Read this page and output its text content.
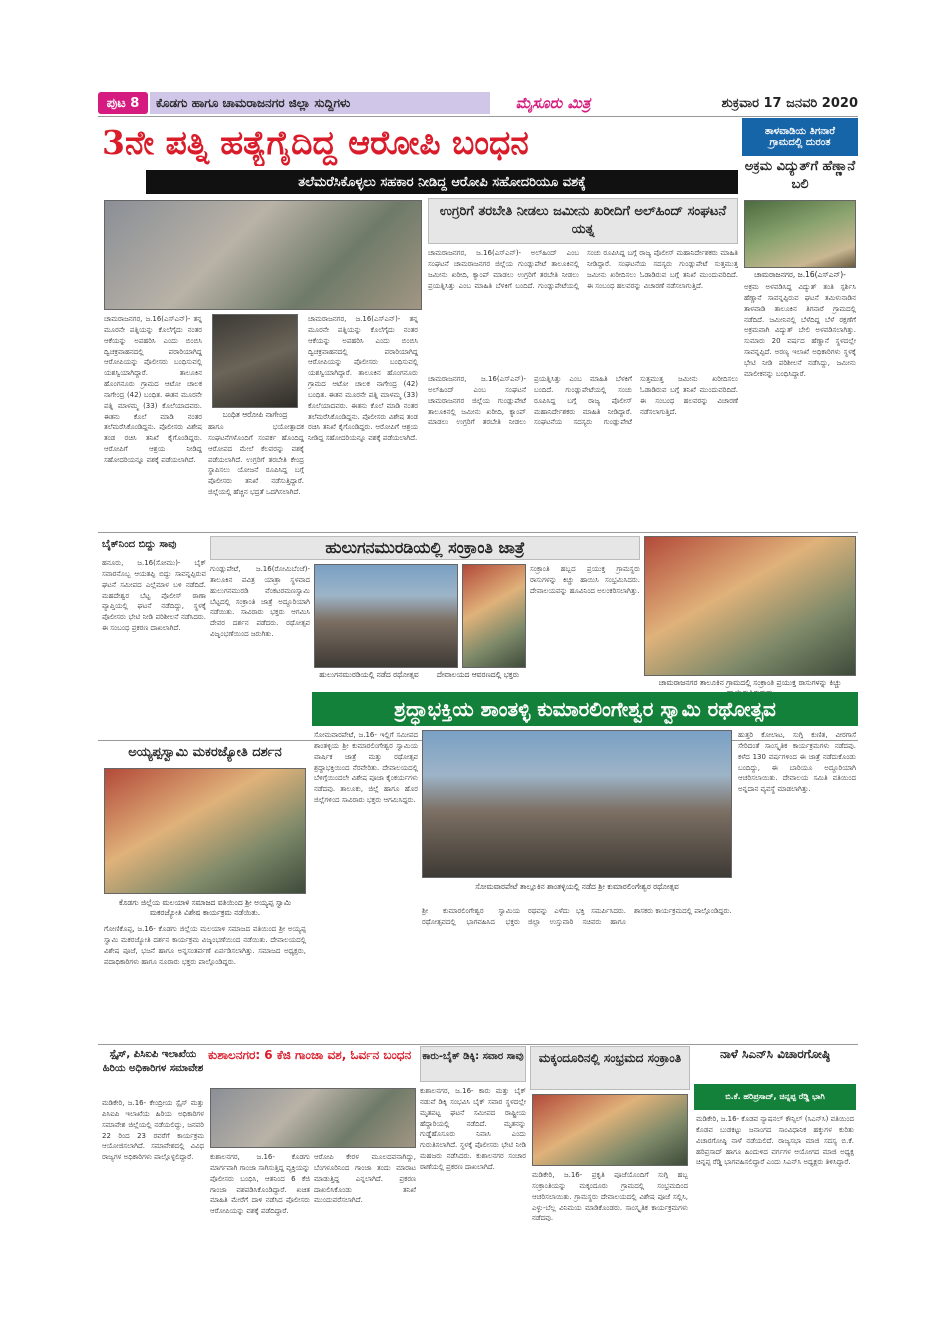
ಪುಟ 8	ಕೊಡಗು ಹಾಗೂ ಚಾಮರಾಜನಗರ ಜಿಲ್ಲಾ ಸುದ್ದಿಗಳು	ಮೈಸೂರು ಮಿತ್ರ	ಶುಕ್ರವಾರ 17 ಜನವರಿ 2020
3ನೇ ಪತ್ನಿ ಹತ್ಯೆಗೈದಿದ್ದ ಆರೋಪಿ ಬಂಧನ
ತಲೆಮರೆಸಿಕೊಳ್ಳಲು ಸಹಕಾರ ನೀಡಿದ್ದ ಆರೋಪಿ ಸಹೋದರಿಯೂ ವಶಕ್ಕೆ
ತಾಳವಾಡಿಯ ತಿಗನಾರೆ
ಗ್ರಾಮದಲ್ಲಿ ದುರಂತ
ಅಕ್ರಮ ವಿದ್ಯುತ್‌ಗೆ ಹೆಣ್ಣಾನೆ ಬಲಿ
ಚಾಮರಾಜನಗರ, ಜ.16(ಎಸ್‌ಎನ್)-
ಅಕ್ರಮ ಅಳವಡಿಸಿದ್ದ ವಿದ್ಯುತ್ ತಂತಿ ಸ್ಪರ್ಶಿಸಿ ಹೆಣ್ಣಾನೆ ಸಾವನ್ನಪ್ಪಿರುವ ಘಟನೆ ತಮಿಳುನಾಡಿನ ತಾಳವಾಡಿ ತಾಲೂಕಿನ ತಿಗನಾರೆ ಗ್ರಾಮದಲ್ಲಿ ನಡೆದಿದೆ. ಜಮೀನಿನಲ್ಲಿ ಬೆಳೆದಿದ್ದ ಬೆಳೆ ರಕ್ಷಣೆಗೆ ಅಕ್ರಮವಾಗಿ ವಿದ್ಯುತ್ ಬೇಲಿ ಅಳವಡಿಸಲಾಗಿತ್ತು. ಸುಮಾರು 20 ವರ್ಷದ ಹೆಣ್ಣಾನೆ ಸ್ಥಳದಲ್ಲೇ ಸಾವನ್ನಪ್ಪಿದೆ. ಅರಣ್ಯ ಇಲಾಖೆ ಅಧಿಕಾರಿಗಳು ಸ್ಥಳಕ್ಕೆ ಭೇಟಿ ನೀಡಿ ಪರಿಶೀಲನೆ ನಡೆಸಿದ್ದು, ಜಮೀನು ಮಾಲೀಕನನ್ನು ಬಂಧಿಸಿದ್ದಾರೆ.
ಉಗ್ರರಿಗೆ ತರಬೇತಿ ನೀಡಲು ಜಮೀನು ಖರೀದಿಗೆ ಅಲ್‌ಹಿಂದ್ ಸಂಘಟನೆ ಯತ್ನ
ಚಾಮರಾಜನಗರ, ಜ.16(ಎಸ್‌ಎನ್)- ಅಲ್‌ಹಿಂದ್ ಎಂಬ ಸಂಘಟನೆ ಚಾಮರಾಜನಗರ ಜಿಲ್ಲೆಯ ಗುಂಡ್ಲುಪೇಟೆ ತಾಲೂಕಿನಲ್ಲಿ ಜಮೀನು ಖರೀದಿ, ಕ್ಯಾಂಪ್ ಮಾಡಲು ಉಗ್ರರಿಗೆ ತರಬೇತಿ ನೀಡಲು ಪ್ರಯತ್ನಿಸಿತ್ತು ಎಂಬ ಮಾಹಿತಿ ಬೆಳಕಿಗೆ ಬಂದಿದೆ. ಗುಂಡ್ಲುಪೇಟೆಯಲ್ಲಿ ಸಂಚು ರೂಪಿಸಿದ್ದ ಬಗ್ಗೆ ರಾಜ್ಯ ಪೊಲೀಸ್ ಮಹಾನಿರ್ದೇಶಕರು ಮಾಹಿತಿ ನೀಡಿದ್ದಾರೆ. ಸಂಘಟನೆಯ ಸದಸ್ಯರು ಗುಂಡ್ಲುಪೇಟೆ ಸುತ್ತಮುತ್ತ ಜಮೀನು ಖರೀದಿಸಲು ಓಡಾಡಿರುವ ಬಗ್ಗೆ ತನಿಖೆ ಮುಂದುವರಿದಿದೆ. ಈ ಸಂಬಂಧ ಹಲವರನ್ನು ವಿಚಾರಣೆ ನಡೆಸಲಾಗುತ್ತಿದೆ.
ಚಾಮರಾಜನಗರ, ಜ.16(ಎಸ್‌ಎನ್)- ತನ್ನ ಮೂರನೇ ಪತ್ನಿಯನ್ನು ಕೊಲೆಗೈದು ನಂತರ ಆಕೆಯನ್ನು ಅಪಹರಿಸಿ ಎಂದು ಬಿಂಬಿಸಿ ದ್ವಿಚಕ್ರವಾಹನದಲ್ಲಿ ಪರಾರಿಯಾಗಿದ್ದ ಆರೋಪಿಯನ್ನು ಪೊಲೀಸರು ಬಂಧಿಸುವಲ್ಲಿ ಯಶಸ್ವಿಯಾಗಿದ್ದಾರೆ. ತಾಲೂಕಿನ ಹೊಂಗನೂರು ಗ್ರಾಮದ ಆಟೋ ಚಾಲಕ ನಾಗೇಂದ್ರ (42) ಬಂಧಿತ. ಈತನ ಮೂರನೇ ಪತ್ನಿ ಮಾಳಮ್ಮ (33) ಕೊಲೆಯಾದವರು. ಈತನು ಕೊಲೆ ಮಾಡಿ ನಂತರ ತಲೆಮರೆಸಿಕೊಂಡಿದ್ದನು. ಪೊಲೀಸರು ವಿಶೇಷ ತಂಡ ರಚಿಸಿ ತನಿಖೆ ಕೈಗೊಂಡಿದ್ದರು. ಆರೋಪಿಗೆ ಆಶ್ರಯ ನೀಡಿದ್ದ ಸಹೋದರಿಯನ್ನೂ ವಶಕ್ಕೆ ಪಡೆಯಲಾಗಿದೆ.
ಬಂಧಿತ ಆರೋಪಿ ನಾಗೇಂದ್ರ
ಹಾಗೂ ಭಯೋತ್ಪಾದಕ ಸಂಘಟನೆಗಳೊಂದಿಗೆ ಸಂಪರ್ಕ ಹೊಂದಿದ್ದ ಆರೋಪದ ಮೇಲೆ ಕೆಲವರನ್ನು ವಶಕ್ಕೆ ಪಡೆಯಲಾಗಿದೆ. ಉಗ್ರರಿಗೆ ತರಬೇತಿ ಕೇಂದ್ರ ಸ್ಥಾಪಿಸಲು ಯೋಜನೆ ರೂಪಿಸಿದ್ದ ಬಗ್ಗೆ ಪೊಲೀಸರು ತನಿಖೆ ನಡೆಸುತ್ತಿದ್ದಾರೆ. ಜಿಲ್ಲೆಯಲ್ಲಿ ಹೆಚ್ಚಿನ ಭದ್ರತೆ ಒದಗಿಸಲಾಗಿದೆ.
ಚಾಮರಾಜನಗರ, ಜ.16(ಎಸ್‌ಎನ್)- ತನ್ನ ಮೂರನೇ ಪತ್ನಿಯನ್ನು ಕೊಲೆಗೈದು ನಂತರ ಆಕೆಯನ್ನು ಅಪಹರಿಸಿ ಎಂದು ಬಿಂಬಿಸಿ ದ್ವಿಚಕ್ರವಾಹನದಲ್ಲಿ ಪರಾರಿಯಾಗಿದ್ದ ಆರೋಪಿಯನ್ನು ಪೊಲೀಸರು ಬಂಧಿಸುವಲ್ಲಿ ಯಶಸ್ವಿಯಾಗಿದ್ದಾರೆ. ತಾಲೂಕಿನ ಹೊಂಗನೂರು ಗ್ರಾಮದ ಆಟೋ ಚಾಲಕ ನಾಗೇಂದ್ರ (42) ಬಂಧಿತ. ಈತನ ಮೂರನೇ ಪತ್ನಿ ಮಾಳಮ್ಮ (33) ಕೊಲೆಯಾದವರು. ಈತನು ಕೊಲೆ ಮಾಡಿ ನಂತರ ತಲೆಮರೆಸಿಕೊಂಡಿದ್ದನು. ಪೊಲೀಸರು ವಿಶೇಷ ತಂಡ ರಚಿಸಿ ತನಿಖೆ ಕೈಗೊಂಡಿದ್ದರು. ಆರೋಪಿಗೆ ಆಶ್ರಯ ನೀಡಿದ್ದ ಸಹೋದರಿಯನ್ನೂ ವಶಕ್ಕೆ ಪಡೆಯಲಾಗಿದೆ.
ಚಾಮರಾಜನಗರ, ಜ.16(ಎಸ್‌ಎನ್)- ಅಲ್‌ಹಿಂದ್ ಎಂಬ ಸಂಘಟನೆ ಚಾಮರಾಜನಗರ ಜಿಲ್ಲೆಯ ಗುಂಡ್ಲುಪೇಟೆ ತಾಲೂಕಿನಲ್ಲಿ ಜಮೀನು ಖರೀದಿ, ಕ್ಯಾಂಪ್ ಮಾಡಲು ಉಗ್ರರಿಗೆ ತರಬೇತಿ ನೀಡಲು ಪ್ರಯತ್ನಿಸಿತ್ತು ಎಂಬ ಮಾಹಿತಿ ಬೆಳಕಿಗೆ ಬಂದಿದೆ. ಗುಂಡ್ಲುಪೇಟೆಯಲ್ಲಿ ಸಂಚು ರೂಪಿಸಿದ್ದ ಬಗ್ಗೆ ರಾಜ್ಯ ಪೊಲೀಸ್ ಮಹಾನಿರ್ದೇಶಕರು ಮಾಹಿತಿ ನೀಡಿದ್ದಾರೆ. ಸಂಘಟನೆಯ ಸದಸ್ಯರು ಗುಂಡ್ಲುಪೇಟೆ ಸುತ್ತಮುತ್ತ ಜಮೀನು ಖರೀದಿಸಲು ಓಡಾಡಿರುವ ಬಗ್ಗೆ ತನಿಖೆ ಮುಂದುವರಿದಿದೆ. ಈ ಸಂಬಂಧ ಹಲವರನ್ನು ವಿಚಾರಣೆ ನಡೆಸಲಾಗುತ್ತಿದೆ.
ಬೈಕ್‌ನಿಂದ ಬಿದ್ದು ಸಾವು
ಹನೂರು, ಜ.16(ಸೋಮು)- ಬೈಕ್ ಸವಾರನೊಬ್ಬ ಆಯತಪ್ಪಿ ಬಿದ್ದು ಸಾವನ್ನಪ್ಪಿರುವ ಘಟನೆ ಸಮೀಪದ ಎಲ್ಲೆಮಾಳ ಬಳಿ ನಡೆದಿದೆ. ಮಹದೇಶ್ವರ ಬೆಟ್ಟ ಪೊಲೀಸ್ ಠಾಣಾ ವ್ಯಾಪ್ತಿಯಲ್ಲಿ ಘಟನೆ ನಡೆದಿದ್ದು, ಸ್ಥಳಕ್ಕೆ ಪೊಲೀಸರು ಭೇಟಿ ನೀಡಿ ಪರಿಶೀಲನೆ ನಡೆಸಿದರು. ಈ ಸಂಬಂಧ ಪ್ರಕರಣ ದಾಖಲಾಗಿದೆ.
ಹುಲುಗನಮುರಡಿಯಲ್ಲಿ ಸಂಕ್ರಾಂತಿ ಜಾತ್ರೆ
ಗುಂಡ್ಲುಪೇಟೆ, ಜ.16(ರೋಮಿಬೆಂಜೆ)- ತಾಲೂಕಿನ ಪವಿತ್ರ ಯಾತ್ರಾ ಸ್ಥಳವಾದ ಹುಲುಗನಮುರಡಿ ವೆಂಕಟರಮಣಸ್ವಾಮಿ ಬೆಟ್ಟದಲ್ಲಿ ಸಂಕ್ರಾಂತಿ ಜಾತ್ರೆ ಅದ್ದೂರಿಯಾಗಿ ನಡೆಯಿತು. ಸಾವಿರಾರು ಭಕ್ತರು ಆಗಮಿಸಿ ದೇವರ ದರ್ಶನ ಪಡೆದರು. ರಥೋತ್ಸವ ವಿಜೃಂಭಣೆಯಿಂದ ಜರುಗಿತು.
ಹುಲುಗನಮುರಡಿಯಲ್ಲಿ ನಡೆದ ರಥೋತ್ಸವ	ದೇವಾಲಯದ ಆವರಣದಲ್ಲಿ ಭಕ್ತರು
ಸಂಕ್ರಾಂತಿ ಹಬ್ಬದ ಪ್ರಯುಕ್ತ ಗ್ರಾಮಸ್ಥರು ರಾಸುಗಳನ್ನು ಕಿಚ್ಚು ಹಾಯಿಸಿ ಸಂಭ್ರಮಿಸಿದರು. ದೇವಾಲಯವನ್ನು ಹೂವಿನಿಂದ ಅಲಂಕರಿಸಲಾಗಿತ್ತು.
ಚಾಮರಾಜನಗರ ತಾಲೂಕಿನ ಗ್ರಾಮದಲ್ಲಿ ಸಂಕ್ರಾಂತಿ ಪ್ರಯುಕ್ತ ರಾಸುಗಳನ್ನು ಕಿಚ್ಚು
ಅಯ್ಯಪ್ಪಸ್ವಾಮಿ ಮಕರಜ್ಯೋತಿ ದರ್ಶನ
ಕೊಡಗು ಜಿಲ್ಲೆಯ ಮಲಯಾಳಿ ಸಮಾಜದ ವತಿಯಿಂದ ಶ್ರೀ ಅಯ್ಯಪ್ಪ ಸ್ವಾಮಿ ಮಕರಜ್ಯೋತಿ ವಿಶೇಷ ಕಾರ್ಯಕ್ರಮ ನಡೆಯಿತು.
ಗೋಣಿಕೊಪ್ಪ, ಜ.16- ಕೊಡಗು ಜಿಲ್ಲೆಯ ಮಲಯಾಳಿ ಸಮಾಜದ ವತಿಯಿಂದ ಶ್ರೀ ಅಯ್ಯಪ್ಪ ಸ್ವಾಮಿ ಮಕರಜ್ಯೋತಿ ದರ್ಶನ ಕಾರ್ಯಕ್ರಮ ವಿಜೃಂಭಣೆಯಿಂದ ನಡೆಯಿತು. ದೇವಾಲಯದಲ್ಲಿ ವಿಶೇಷ ಪೂಜೆ, ಭಜನೆ ಹಾಗೂ ಅನ್ನಸಂತರ್ಪಣೆ ಏರ್ಪಡಿಸಲಾಗಿತ್ತು. ಸಮಾಜದ ಅಧ್ಯಕ್ಷರು, ಪದಾಧಿಕಾರಿಗಳು ಹಾಗೂ ನೂರಾರು ಭಕ್ತರು ಪಾಲ್ಗೊಂಡಿದ್ದರು.
ಶ್ರದ್ಧಾಭಕ್ತಿಯ ಶಾಂತಳ್ಳಿ ಕುಮಾರಲಿಂಗೇಶ್ವರ ಸ್ವಾಮಿ ರಥೋತ್ಸವ
ಸೋಮವಾರಪೇಟೆ, ಜ.16- ಇಲ್ಲಿಗೆ ಸಮೀಪದ ಶಾಂತಳ್ಳಿಯ ಶ್ರೀ ಕುಮಾರಲಿಂಗೇಶ್ವರ ಸ್ವಾಮಿಯ ವಾರ್ಷಿಕ ಜಾತ್ರೆ ಮತ್ತು ರಥೋತ್ಸವ ಶ್ರದ್ಧಾಭಕ್ತಿಯಿಂದ ನೆರವೇರಿತು. ದೇವಾಲಯದಲ್ಲಿ ಬೆಳಿಗ್ಗೆಯಿಂದಲೇ ವಿಶೇಷ ಪೂಜಾ ಕೈಂಕರ್ಯಗಳು ನಡೆದವು. ತಾಲೂಕು, ಜಿಲ್ಲೆ ಹಾಗೂ ಹೊರ ಜಿಲ್ಲೆಗಳಿಂದ ಸಾವಿರಾರು ಭಕ್ತರು ಆಗಮಿಸಿದ್ದರು.
ಸೋಮವಾರಪೇಟೆ ತಾಲ್ಲೂಕಿನ ಶಾಂತಳ್ಳಿಯಲ್ಲಿ ನಡೆದ ಶ್ರೀ ಕುಮಾರಲಿಂಗೇಶ್ವರ ರಥೋತ್ಸವ
ಶ್ರೀ ಕುಮಾರಲಿಂಗೇಶ್ವರ ಸ್ವಾಮಿಯ ರಥೋತ್ಸವದಲ್ಲಿ ಭಾಗವಹಿಸಿದ ಭಕ್ತರು ರಥವನ್ನು ಎಳೆದು ಭಕ್ತಿ ಸಮರ್ಪಿಸಿದರು. ಜಿಲ್ಲಾ ಉಸ್ತುವಾರಿ ಸಚಿವರು ಹಾಗೂ ಶಾಸಕರು ಕಾರ್ಯಕ್ರಮದಲ್ಲಿ ಪಾಲ್ಗೊಂಡಿದ್ದರು.
ಹುತ್ತರಿ ಕೋಲಾಟ, ಸುಗ್ಗಿ ಕುಣಿತ, ವೀರಗಾಸೆ ಸೇರಿದಂತೆ ಸಾಂಸ್ಕೃತಿಕ ಕಾರ್ಯಕ್ರಮಗಳು ನಡೆದವು. ಕಳೆದ 130 ವರ್ಷಗಳಿಂದ ಈ ಜಾತ್ರೆ ನಡೆದುಕೊಂಡು ಬಂದಿದ್ದು, ಈ ಬಾರಿಯೂ ಅದ್ದೂರಿಯಾಗಿ ಆಚರಿಸಲಾಯಿತು. ದೇವಾಲಯ ಸಮಿತಿ ವತಿಯಿಂದ ಅನ್ನದಾನ ವ್ಯವಸ್ಥೆ ಮಾಡಲಾಗಿತ್ತು.
ಸ್ಪೈಸ್, ಪಿಸಿಐಪಿ ಇಲಾಖೆಯ ಹಿರಿಯ ಅಧಿಕಾರಿಗಳ ಸಮಾವೇಶ
ಮಡಿಕೇರಿ, ಜ.16- ಕೇಂದ್ರೀಯ ಸ್ಪೈಸ್ ಮತ್ತು ಪಿಸಿಐಪಿ ಇಲಾಖೆಯ ಹಿರಿಯ ಅಧಿಕಾರಿಗಳ ಸಮಾವೇಶ ಜಿಲ್ಲೆಯಲ್ಲಿ ನಡೆಯಲಿದ್ದು, ಜನವರಿ 22 ರಿಂದ 23 ರವರೆಗೆ ಕಾರ್ಯಕ್ರಮ ಆಯೋಜಿಸಲಾಗಿದೆ. ಸಮಾವೇಶದಲ್ಲಿ ವಿವಿಧ ರಾಜ್ಯಗಳ ಅಧಿಕಾರಿಗಳು ಪಾಲ್ಗೊಳ್ಳಲಿದ್ದಾರೆ.
ಕುಶಾಲನಗರ: 6 ಕೆಜಿ ಗಾಂಜಾ ವಶ, ಓರ್ವನ ಬಂಧನ
ಕುಶಾಲನಗರ, ಜ.16- ಕೊಡಗು ಮಾರ್ಗವಾಗಿ ಗಾಂಜಾ ಸಾಗಿಸುತ್ತಿದ್ದ ವ್ಯಕ್ತಿಯನ್ನು ಪೊಲೀಸರು ಬಂಧಿಸಿ, ಆತನಿಂದ 6 ಕೆಜಿ ಗಾಂಜಾ ವಶಪಡಿಸಿಕೊಂಡಿದ್ದಾರೆ. ಖಚಿತ ಮಾಹಿತಿ ಮೇರೆಗೆ ದಾಳಿ ನಡೆಸಿದ ಪೊಲೀಸರು ಆರೋಪಿಯನ್ನು ವಶಕ್ಕೆ ಪಡೆದಿದ್ದಾರೆ.
ಆರೋಪಿ ಕೇರಳ ಮೂಲದವನಾಗಿದ್ದು, ಬೆಂಗಳೂರಿನಿಂದ ಗಾಂಜಾ ತಂದು ಮಾರಾಟ ಮಾಡುತ್ತಿದ್ದ ಎನ್ನಲಾಗಿದೆ. ಪ್ರಕರಣ ದಾಖಲಿಸಿಕೊಂಡು ತನಿಖೆ ಮುಂದುವರೆಸಲಾಗಿದೆ.
ಕಾರು-ಬೈಕ್ ಡಿಕ್ಕಿ: ಸವಾರ ಸಾವು
ಕುಶಾಲನಗರ, ಜ.16- ಕಾರು ಮತ್ತು ಬೈಕ್ ನಡುವೆ ಡಿಕ್ಕಿ ಸಂಭವಿಸಿ ಬೈಕ್ ಸವಾರ ಸ್ಥಳದಲ್ಲೇ ಮೃತಪಟ್ಟ ಘಟನೆ ಸಮೀಪದ ರಾಷ್ಟ್ರೀಯ ಹೆದ್ದಾರಿಯಲ್ಲಿ ನಡೆದಿದೆ. ಮೃತನನ್ನು ಗುಡ್ಡೆಹೊಸೂರು ನಿವಾಸಿ ಎಂದು ಗುರುತಿಸಲಾಗಿದೆ. ಸ್ಥಳಕ್ಕೆ ಪೊಲೀಸರು ಭೇಟಿ ನೀಡಿ ಮಹಜರು ನಡೆಸಿದರು. ಕುಶಾಲನಗರ ಸಂಚಾರ ಠಾಣೆಯಲ್ಲಿ ಪ್ರಕರಣ ದಾಖಲಾಗಿದೆ.
ಮಕ್ಕಂದೂರಿನಲ್ಲಿ ಸಂಭ್ರಮದ ಸಂಕ್ರಾಂತಿ
ಮಡಿಕೇರಿ, ಜ.16- ಪ್ರಕೃತಿ ಪೂಜೆಯೊಂದಿಗೆ ಸುಗ್ಗಿ ಹಬ್ಬ ಸಂಕ್ರಾಂತಿಯನ್ನು ಮಕ್ಕಂದೂರು ಗ್ರಾಮದಲ್ಲಿ ಸಂಭ್ರಮದಿಂದ ಆಚರಿಸಲಾಯಿತು. ಗ್ರಾಮಸ್ಥರು ದೇವಾಲಯದಲ್ಲಿ ವಿಶೇಷ ಪೂಜೆ ಸಲ್ಲಿಸಿ, ಎಳ್ಳು-ಬೆಲ್ಲ ವಿನಿಮಯ ಮಾಡಿಕೊಂಡರು. ಸಾಂಸ್ಕೃತಿಕ ಕಾರ್ಯಕ್ರಮಗಳು ನಡೆದವು.
ನಾಳೆ ಸಿಎನ್‌ಸಿ ವಿಚಾರಗೋಷ್ಠಿ
ಬಿ.ಕೆ. ಹರಿಪ್ರಸಾದ್, ಚಿನ್ನಪ್ಪ ರೆಡ್ಡಿ ಭಾಗಿ
ಮಡಿಕೇರಿ, ಜ.16- ಕೊಡವ ನ್ಯಾಷನಲ್ ಕೌನ್ಸಿಲ್ (ಸಿಎನ್‌ಸಿ) ವತಿಯಿಂದ ಕೊಡವ ಬುಡಕಟ್ಟು ಜನಾಂಗದ ಸಾಂವಿಧಾನಿಕ ಹಕ್ಕುಗಳ ಕುರಿತು ವಿಚಾರಗೋಷ್ಠಿ ನಾಳೆ ನಡೆಯಲಿದೆ. ರಾಜ್ಯಸಭಾ ಮಾಜಿ ಸದಸ್ಯ ಬಿ.ಕೆ. ಹರಿಪ್ರಸಾದ್ ಹಾಗೂ ಹಿಂದುಳಿದ ವರ್ಗಗಳ ಆಯೋಗದ ಮಾಜಿ ಅಧ್ಯಕ್ಷ ಚಿನ್ನಪ್ಪ ರೆಡ್ಡಿ ಭಾಗವಹಿಸಲಿದ್ದಾರೆ ಎಂದು ಸಿಎನ್‌ಸಿ ಅಧ್ಯಕ್ಷರು ತಿಳಿಸಿದ್ದಾರೆ.
